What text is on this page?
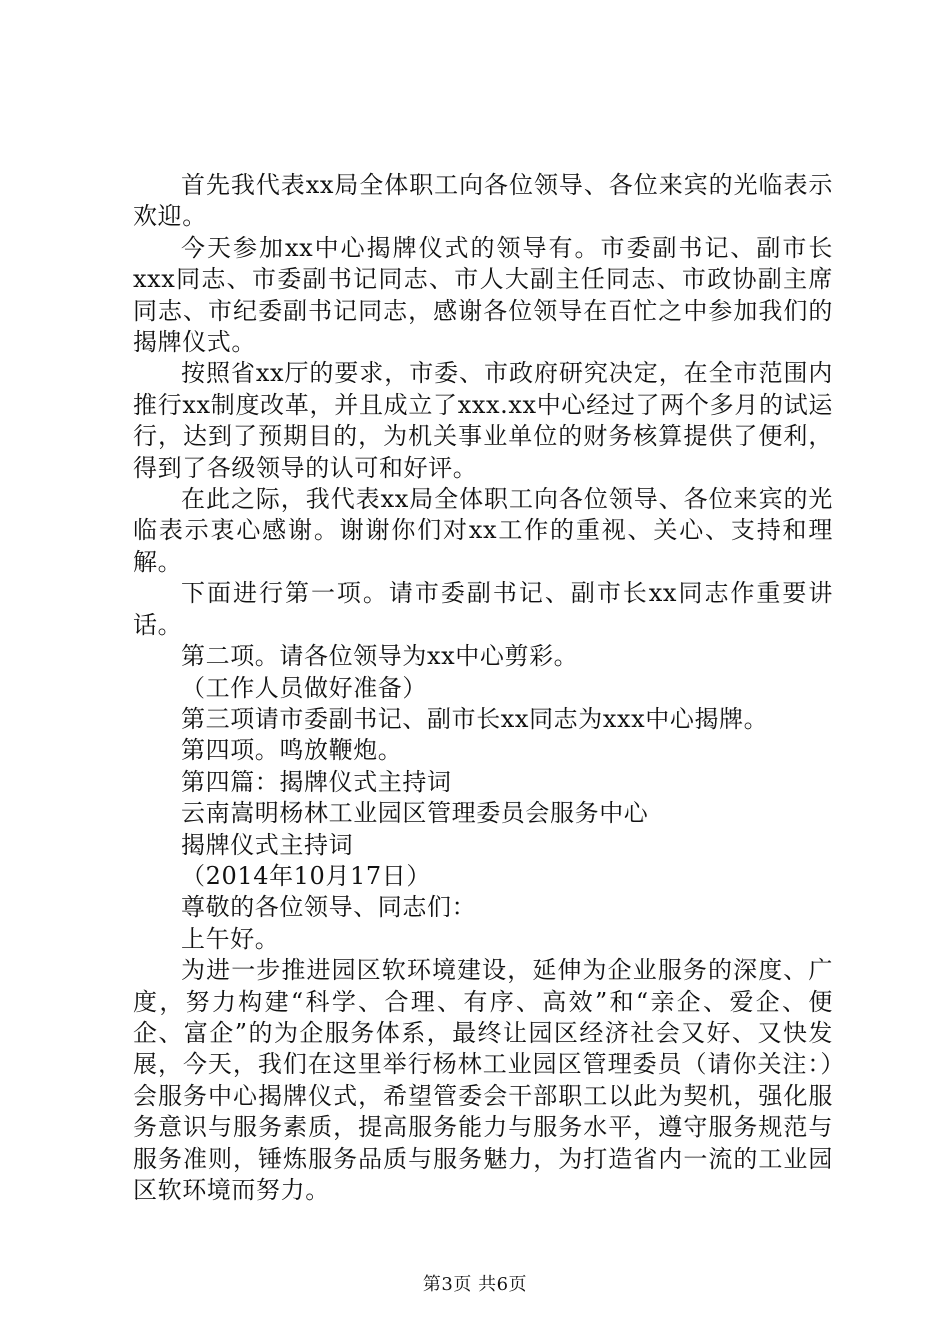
首先我代表xx局全体职工向各位领导、各位来宾的光临表示欢迎。

今天参加xx中心揭牌仪式的领导有。市委副书记、副市长xxx同志、市委副书记同志、市人大副主任同志、市政协副主席同志、市纪委副书记同志，感谢各位领导在百忙之中参加我们的揭牌仪式。

按照省xx厅的要求，市委、市政府研究决定，在全市范围内推行xx制度改革，并且成立了xxx.xx中心经过了两个多月的试运行，达到了预期目的，为机关事业单位的财务核算提供了便利，得到了各级领导的认可和好评。

在此之际，我代表xx局全体职工向各位领导、各位来宾的光临表示衷心感谢。谢谢你们对xx工作的重视、关心、支持和理解。

下面进行第一项。请市委副书记、副市长xx同志作重要讲话。

第二项。请各位领导为xx中心剪彩。

（工作人员做好准备）

第三项请市委副书记、副市长xx同志为xxx中心揭牌。

第四项。鸣放鞭炮。

第四篇：揭牌仪式主持词

云南嵩明杨林工业园区管理委员会服务中心

揭牌仪式主持词

（2014年10月17日）

尊敬的各位领导、同志们：

上午好。

为进一步推进园区软环境建设，延伸为企业服务的深度、广度，努力构建“科学、合理、有序、高效”和“亲企、爱企、便企、富企”的为企服务体系，最终让园区经济社会又好、又快发展，今天，我们在这里举行杨林工业园区管理委员（请你关注：）会服务中心揭牌仪式，希望管委会干部职工以此为契机，强化服务意识与服务素质，提高服务能力与服务水平，遵守服务规范与服务准则，锤炼服务品质与服务魅力，为打造省内一流的工业园区软环境而努力。

第3页 共6页
